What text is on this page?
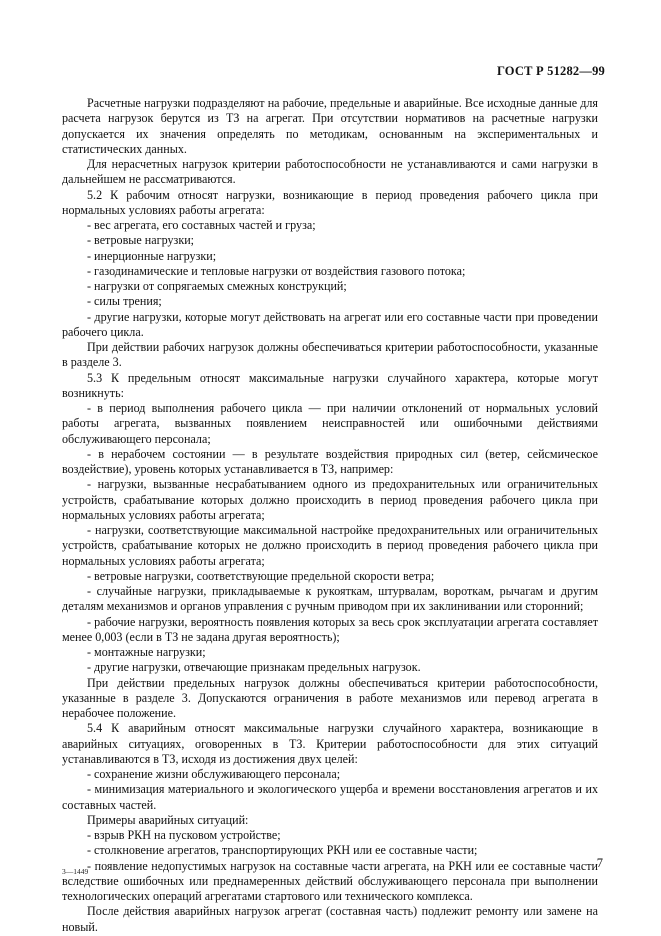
ГОСТ Р 51282—99

Расчетные нагрузки подразделяют на рабочие, предельные и аварийные. Все исходные данные для расчета нагрузок берутся из ТЗ на агрегат. При отсутствии нормативов на расчетные нагрузки допускается их значения определять по методикам, основанным на экспериментальных и статистических данных.

Для нерасчетных нагрузок критерии работоспособности не устанавливаются и сами нагрузки в дальнейшем не рассматриваются.

5.2 К рабочим относят нагрузки, возникающие в период проведения рабочего цикла при нормальных условиях работы агрегата:

- вес агрегата, его составных частей и груза;

- ветровые нагрузки;

- инерционные нагрузки;

- газодинамические и тепловые нагрузки от воздействия газового потока;

- нагрузки от сопрягаемых смежных конструкций;

- силы трения;

- другие нагрузки, которые могут действовать на агрегат или его составные части при проведении рабочего цикла.

При действии рабочих нагрузок должны обеспечиваться критерии работоспособности, указанные в разделе 3.

5.3 К предельным относят максимальные нагрузки случайного характера, которые могут возникнуть:

- в период выполнения рабочего цикла — при наличии отклонений от нормальных условий работы агрегата, вызванных появлением неисправностей или ошибочными действиями обслуживающего персонала;

- в нерабочем состоянии — в результате воздействия природных сил (ветер, сейсмическое воздействие), уровень которых устанавливается в ТЗ, например:

- нагрузки, вызванные несрабатыванием одного из предохранительных или ограничительных устройств, срабатывание которых должно происходить в период проведения рабочего цикла при нормальных условиях работы агрегата;

- нагрузки, соответствующие максимальной настройке предохранительных или ограничительных устройств, срабатывание которых не должно происходить в период проведения рабочего цикла при нормальных условиях работы агрегата;

- ветровые нагрузки, соответствующие предельной скорости ветра;

- случайные нагрузки, прикладываемые к рукояткам, штурвалам, вороткам, рычагам и другим деталям механизмов и органов управления с ручным приводом при их заклинивании или сторонний;

- рабочие нагрузки, вероятность появления которых за весь срок эксплуатации агрегата составляет менее 0,003 (если в ТЗ не задана другая вероятность);

- монтажные нагрузки;

- другие нагрузки, отвечающие признакам предельных нагрузок.

При действии предельных нагрузок должны обеспечиваться критерии работоспособности, указанные в разделе 3. Допускаются ограничения в работе механизмов или перевод агрегата в нерабочее положение.

5.4 К аварийным относят максимальные нагрузки случайного характера, возникающие в аварийных ситуациях, оговоренных в ТЗ. Критерии работоспособности для этих ситуаций устанавливаются в ТЗ, исходя из достижения двух целей:

- сохранение жизни обслуживающего персонала;

- минимизация материального и экологического ущерба и времени восстановления агрегатов и их составных частей.

Примеры аварийных ситуаций:

- взрыв РКН на пусковом устройстве;

- столкновение агрегатов, транспортирующих РКН или ее составные части;

- появление недопустимых нагрузок на составные части агрегата, на РКН или ее составные части вследствие ошибочных или преднамеренных действий обслуживающего персонала при выполнении технологических операций агрегатами стартового или технического комплекса.

После действия аварийных нагрузок агрегат (составная часть) подлежит ремонту или замене на новый.

3—1449
7
